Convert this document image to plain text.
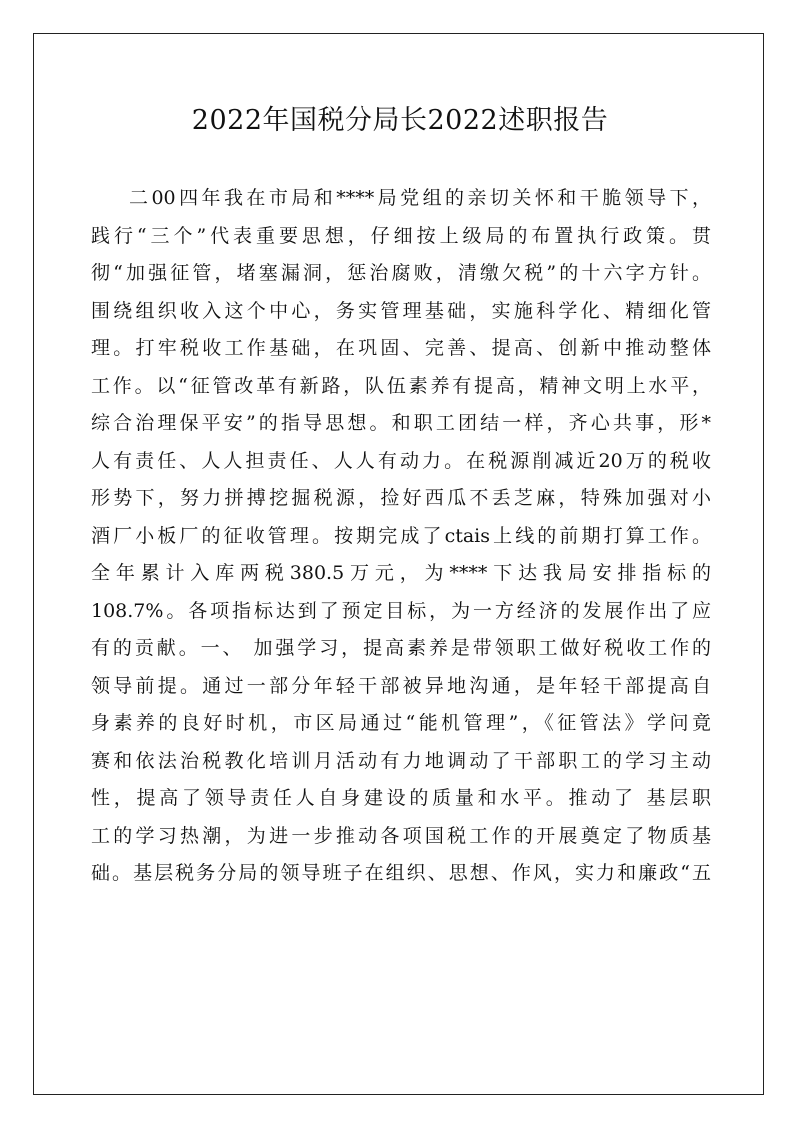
2022年国税分局长2022述职报告
二00四年我在市局和****局党组的亲切关怀和干脆领导下，
践行“三个”代表重要思想，仔细按上级局的布置执行政策。贯
彻“加强征管，堵塞漏洞，惩治腐败，清缴欠税”的十六字方针。
围绕组织收入这个中心，务实管理基础，实施科学化、精细化管
理。打牢税收工作基础，在巩固、完善、提高、创新中推动整体
工作。以“征管改革有新路，队伍素养有提高，精神文明上水平，
综合治理保平安”的指导思想。和职工团结一样，齐心共事，形*
人有责任、人人担责任、人人有动力。在税源削减近20万的税收
形势下，努力拼搏挖掘税源，捡好西瓜不丢芝麻，特殊加强对小
酒厂小板厂的征收管理。按期完成了ctais上线的前期打算工作。
全年累计入库两税380.5万元，为****下达我局安排指标的
108.7%。各项指标达到了预定目标，为一方经济的发展作出了应
有的贡献。一、 加强学习，提高素养是带领职工做好税收工作的
领导前提。通过一部分年轻干部被异地沟通，是年轻干部提高自
身素养的良好时机，市区局通过“能机管理”，《征管法》学问竟
赛和依法治税教化培训月活动有力地调动了干部职工的学习主动
性，提高了领导责任人自身建设的质量和水平。推动了 基层职
工的学习热潮，为进一步推动各项国税工作的开展奠定了物质基
础。基层税务分局的领导班子在组织、思想、作风，实力和廉政“五
